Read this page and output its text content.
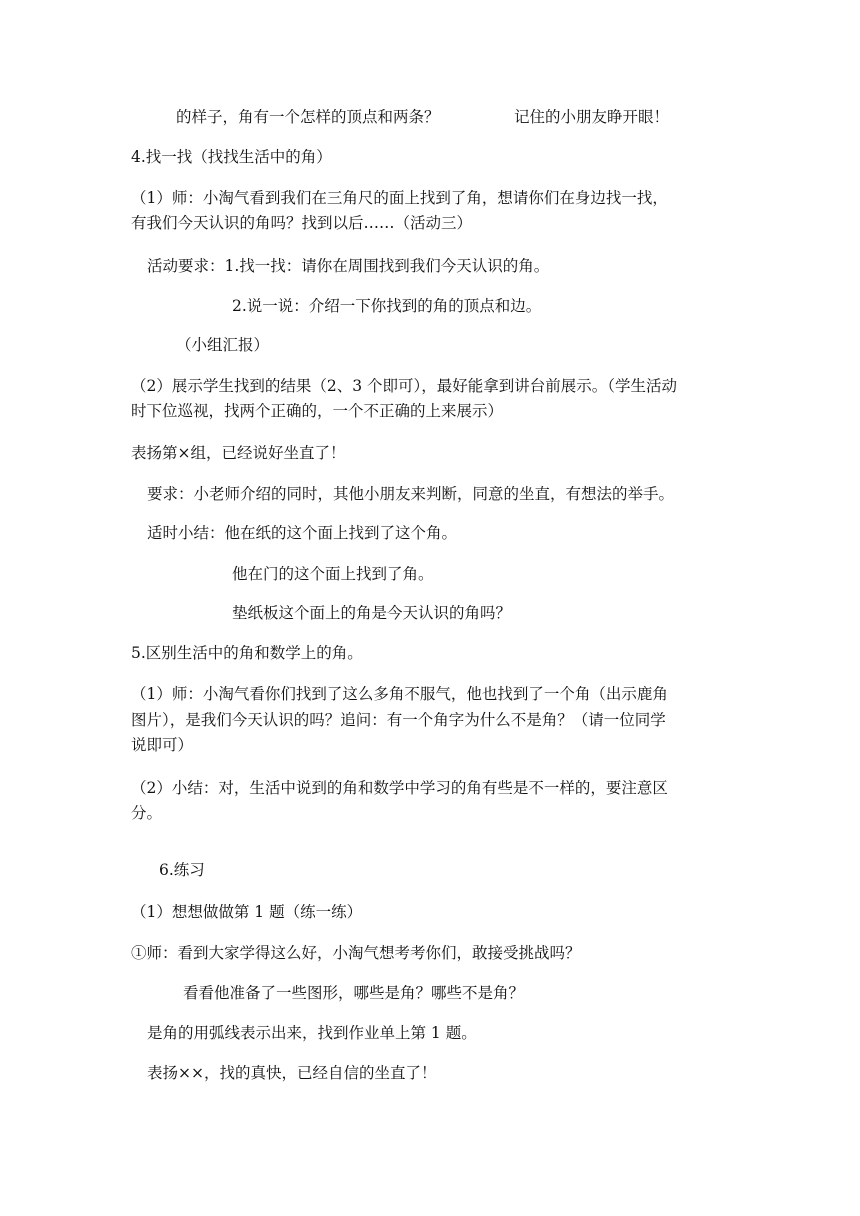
的样子，角有一个怎样的顶点和两条？	记住的小朋友睁开眼！
4.找一找（找找生活中的角）
（1）师：小淘气看到我们在三角尺的面上找到了角，想请你们在身边找一找，
有我们今天认识的角吗？找到以后……（活动三）
活动要求：1.找一找：请你在周围找到我们今天认识的角。
2.说一说：介绍一下你找到的角的顶点和边。
（小组汇报）
（2）展示学生找到的结果（2、3 个即可），最好能拿到讲台前展示。（学生活动
时下位巡视，找两个正确的，一个不正确的上来展示）
表扬第×组，已经说好坐直了！
要求：小老师介绍的同时，其他小朋友来判断，同意的坐直，有想法的举手。
适时小结：他在纸的这个面上找到了这个角。
他在门的这个面上找到了角。
垫纸板这个面上的角是今天认识的角吗？
5.区别生活中的角和数学上的角。
（1）师：小淘气看你们找到了这么多角不服气，他也找到了一个角（出示鹿角
图片），是我们今天认识的吗？追问：有一个角字为什么不是角？（请一位同学
说即可）
（2）小结：对，生活中说到的角和数学中学习的角有些是不一样的，要注意区
分。
6.练习
（1）想想做做第 1 题（练一练）
①师：看到大家学得这么好，小淘气想考考你们，敢接受挑战吗？
看看他准备了一些图形，哪些是角？哪些不是角？
是角的用弧线表示出来，找到作业单上第 1 题。
表扬××，找的真快，已经自信的坐直了！
